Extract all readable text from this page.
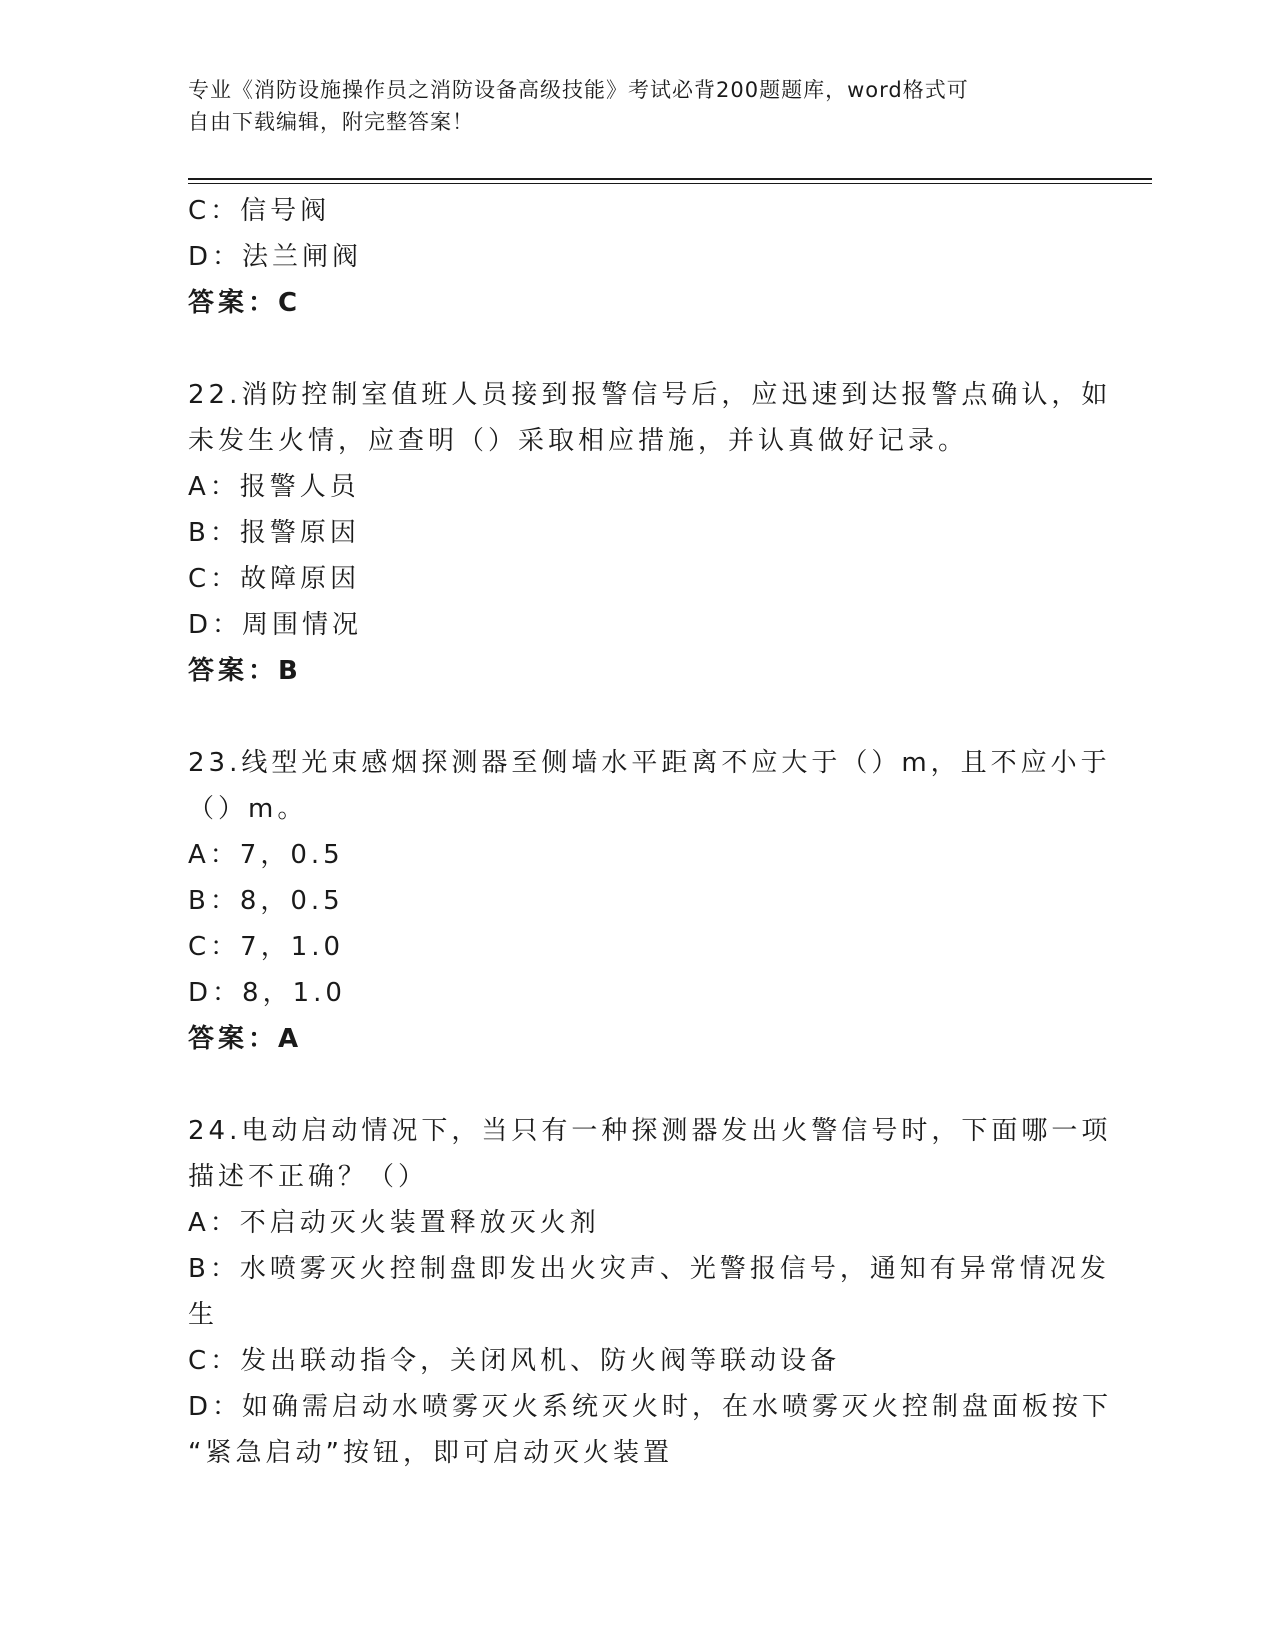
专业《消防设施操作员之消防设备高级技能》考试必背200题题库，word格式可
自由下载编辑，附完整答案！
C：信号阀
D：法兰闸阀
答案：C
22.消防控制室值班人员接到报警信号后，应迅速到达报警点确认，如
未发生火情，应查明（）采取相应措施，并认真做好记录。
A：报警人员
B：报警原因
C：故障原因
D：周围情况
答案：B
23.线型光束感烟探测器至侧墙水平距离不应大于（）m，且不应小于
（）m。
A：7，0.5
B：8，0.5
C：7，1.0
D：8，1.0
答案：A
24.电动启动情况下，当只有一种探测器发出火警信号时，下面哪一项
描述不正确？（）
A：不启动灭火装置释放灭火剂
B：水喷雾灭火控制盘即发出火灾声、光警报信号，通知有异常情况发
生
C：发出联动指令，关闭风机、防火阀等联动设备
D：如确需启动水喷雾灭火系统灭火时，在水喷雾灭火控制盘面板按下
“紧急启动”按钮，即可启动灭火装置
